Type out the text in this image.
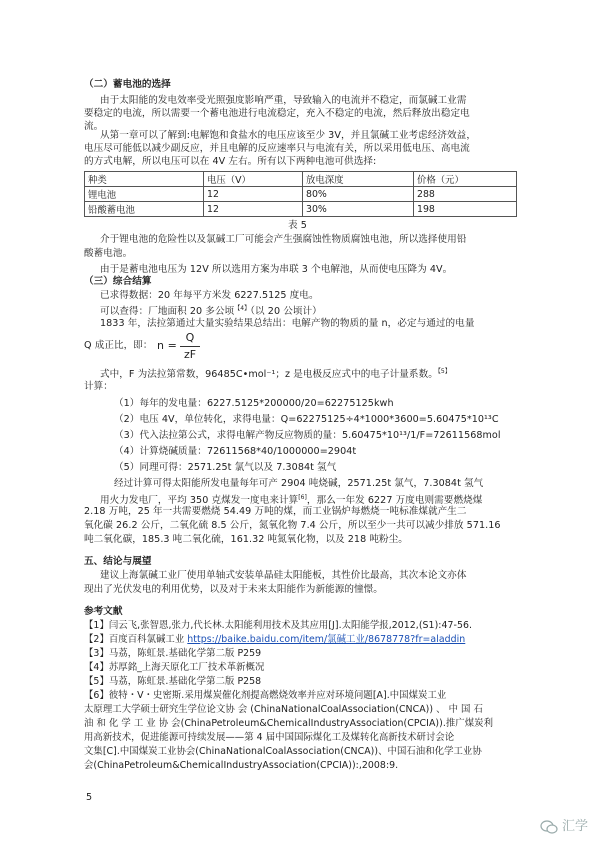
（二）蓄电池的选择
由于太阳能的发电效率受光照强度影响严重，导致输入的电流并不稳定，而氯碱工业需
要稳定的电流，所以需要一个蓄电池进行电流稳定，充入不稳定的电流，然后释放出稳定电
流。
从第一章可以了解到:电解饱和食盐水的电压应该至少 3V，并且氯碱工业考虑经济效益，
电压尽可能低以减少副反应，并且电解的反应速率只与电流有关，所以采用低电压、高电流
的方式电解，所以电压可以在 4V 左右。所有以下两种电池可供选择:
种类	电压（V）	放电深度	价格（元）
锂电池	12	80%	288
铅酸蓄电池	12	30%	198
表 5
介于锂电池的危险性以及氯碱工厂可能会产生强腐蚀性物质腐蚀电池，所以选择使用铅
酸蓄电池。
由于是蓄电池电压为 12V 所以选用方案为串联 3 个电解池，从而使电压降为 4V。
（三）综合结算
已求得数据：20 年每平方米发 6227.5125 度电。
可以查得：厂地面积 20 多公顷$^{【4】}$（以 20 公顷计）
1833 年，法拉第通过大量实验结果总结出：电解产物的物质的量 n，必定与通过的电量
Q 成正比，即： n =
Q
zF
式中，F 为法拉第常数，96485C•mol⁻¹；z 是电极反应式中的电子计量系数。$^{【5】}$
计算：
（1）每年的发电量：6227.5125*200000/20=62275125kwh
（2）电压 4V，单位转化，求得电量：Q=62275125÷4*1000*3600=5.60475*10¹³C
（3）代入法拉第公式，求得电解产物反应物质的量：5.60475*10¹³/1/F=72611568mol
（4）计算烧碱质量：72611568*40/1000000=2904t
（5）同理可得：2571.25t 氯气以及 7.3084t 氢气
经过计算可得太阳能所发电量每年可产 2904 吨烧碱，2571.25t 氯气，7.3084t 氢气
用火力发电厂，平均 350 克煤发一度电来计算[6]，那么一年发 6227 万度电则需要燃烧煤
2.18 万吨，25 年一共需要燃烧 54.49 万吨的煤，而工业锅炉每燃烧一吨标准煤就产生二
氧化碳 26.2 公斤，二氧化硫 8.5 公斤，氮氧化物 7.4 公斤，所以至少一共可以减少排放 571.16
吨二氧化碳，185.3 吨二氧化硫，161.32 吨氮氧化物，以及 218 吨粉尘。
五、结论与展望
建议上海氯碱工业厂使用单轴式安装单晶硅太阳能板，其性价比最高，其次本论文亦体
现出了光伏发电的利用优势，以及对于未来太阳能作为新能源的憧憬。
参考文献
【1】闫云飞,张智恩,张力,代长林.太阳能利用技术及其应用[J].太阳能学报,2012,(S1):47-56.
【2】百度百科氯碱工业 https://baike.baidu.com/item/氯碱工业/8678778?fr=aladdin
【3】马荔，陈虹景.基础化学第二版 P259
【4】苏厚銘_上海天原化工厂技术革新概况
【5】马荔，陈虹景.基础化学第二版 P258
【6】彼特・V・史密斯.采用煤炭催化剂提高燃烧效率并应对环境问题[A].中国煤炭工业
太原理工大学硕士研究生学位论文协 会 (ChinaNationalCoalAssociation(CNCA)) 、 中 国 石
油 和 化 学 工 业 协 会(ChinaPetroleum&ChemicalIndustryAssociation(CPCIA)).推广煤炭利
用高新技术，促进能源可持续发展——第 4 届中国国际煤化工及煤转化高新技术研讨会论
文集[C].中国煤炭工业协会(ChinaNationalCoalAssociation(CNCA))、中国石油和化学工业协
会(ChinaPetroleum&ChemicalIndustryAssociation(CPCIA)):,2008:9.
5
汇学
